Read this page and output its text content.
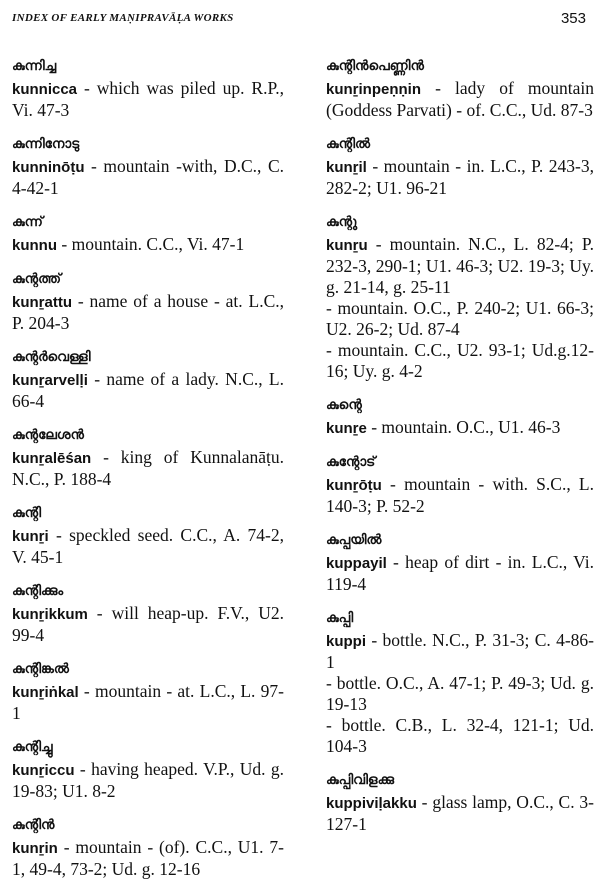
INDEX OF EARLY MAṆIPRAVĀḶA WORKS	353
കുന്നിച്ച

kunnicca - which was piled up. R.P., Vi. 47-3

കുന്നിനോടു

kunninōṭu - mountain -with, D.C., C. 4-42-1

കുന്ന്

kunnu - mountain. C.C., Vi. 47-1

കുന്റത്ത്

kunṟattu - name of a house - at. L.C., P. 204-3

കുന്റർവെള്ളി

kunṟarvelḷi - name of a lady. N.C., L. 66-4

കുന്റലേശൻ

kunṟalēśan - king of Kunnalanāṭu. N.C., P. 188-4

കുന്റി

kunṟi - speckled seed. C.C., A. 74-2, V. 45-1

കുന്റിക്കും

kunṟikkum - will heap-up. F.V., U2. 99-4

കുന്റിങ്കൽ

kunṟiṅkal - mountain - at. L.C., L. 97-1

കുന്റിച്ചു

kunṟiccu - having heaped. V.P., Ud. g. 19-83; U1. 8-2

കുന്റിൻ

kunṟin - mountain - (of). C.C., U1. 7-1, 49-4, 73-2; Ud. g. 12-16

കുന്റിൻപെണ്ണിൻ

kunṟinpeṇṇin - lady of mountain (Goddess Parvati) - of. C.C., Ud. 87-3

കുന്റിൽ

kunṟil - mountain - in. L.C., P. 243-3, 282-2; U1. 96-21

കുന്റു

kunṟu - mountain. N.C., L. 82-4; P. 232-3, 290-1; U1. 46-3; U2. 19-3; Uy. g. 21-14, g. 25-11

- mountain. O.C., P. 240-2; U1. 66-3; U2. 26-2; Ud. 87-4

- mountain. C.C., U2. 93-1; Ud.g.12-16; Uy. g. 4-2

കുന്റെ

kunṟe - mountain. O.C., U1. 46-3

കുന്റോട്

kunṟōṭu - mountain - with. S.C., L. 140-3; P. 52-2

കുപ്പയിൽ

kuppayil - heap of dirt - in. L.C., Vi. 119-4

കുപ്പി

kuppi - bottle. N.C., P. 31-3; C. 4-86-1

- bottle. O.C., A. 47-1; P. 49-3; Ud. g. 19-13

- bottle. C.B., L. 32-4, 121-1; Ud. 104-3

കുപ്പിവിളക്കു

kuppiviḷakku - glass lamp, O.C., C. 3-127-1
